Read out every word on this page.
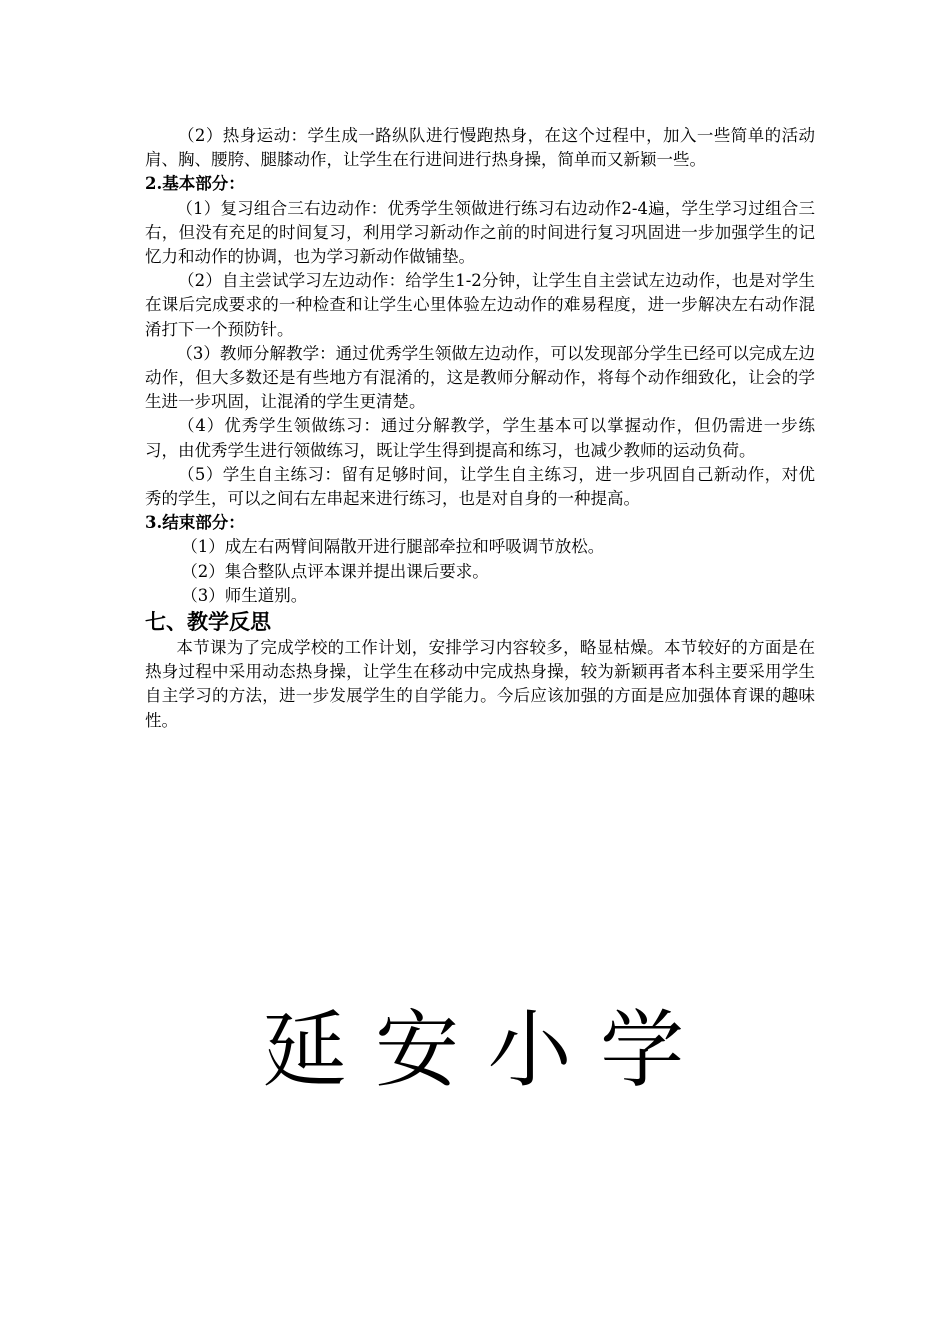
（2）热身运动：学生成一路纵队进行慢跑热身，在这个过程中，加入一些简单的活动肩、胸、腰胯、腿膝动作，让学生在行进间进行热身操，简单而又新颖一些。

2.基本部分：

（1）复习组合三右边动作：优秀学生领做进行练习右边动作2-4遍，学生学习过组合三右，但没有充足的时间复习，利用学习新动作之前的时间进行复习巩固进一步加强学生的记忆力和动作的协调，也为学习新动作做铺垫。

（2）自主尝试学习左边动作：给学生1-2分钟，让学生自主尝试左边动作，也是对学生在课后完成要求的一种检查和让学生心里体验左边动作的难易程度，进一步解决左右动作混淆打下一个预防针。

（3）教师分解教学：通过优秀学生领做左边动作，可以发现部分学生已经可以完成左边动作，但大多数还是有些地方有混淆的，这是教师分解动作，将每个动作细致化，让会的学生进一步巩固，让混淆的学生更清楚。

（4）优秀学生领做练习：通过分解教学，学生基本可以掌握动作，但仍需进一步练习，由优秀学生进行领做练习，既让学生得到提高和练习，也减少教师的运动负荷。

（5）学生自主练习：留有足够时间，让学生自主练习，进一步巩固自己新动作，对优秀的学生，可以之间右左串起来进行练习，也是对自身的一种提高。

3.结束部分：

（1）成左右两臂间隔散开进行腿部牵拉和呼吸调节放松。

（2）集合整队点评本课并提出课后要求。

（3）师生道别。

七、教学反思

本节课为了完成学校的工作计划，安排学习内容较多，略显枯燥。本节较好的方面是在热身过程中采用动态热身操，让学生在移动中完成热身操，较为新颖再者本科主要采用学生自主学习的方法，进一步发展学生的自学能力。今后应该加强的方面是应加强体育课的趣味性。

延安小学
